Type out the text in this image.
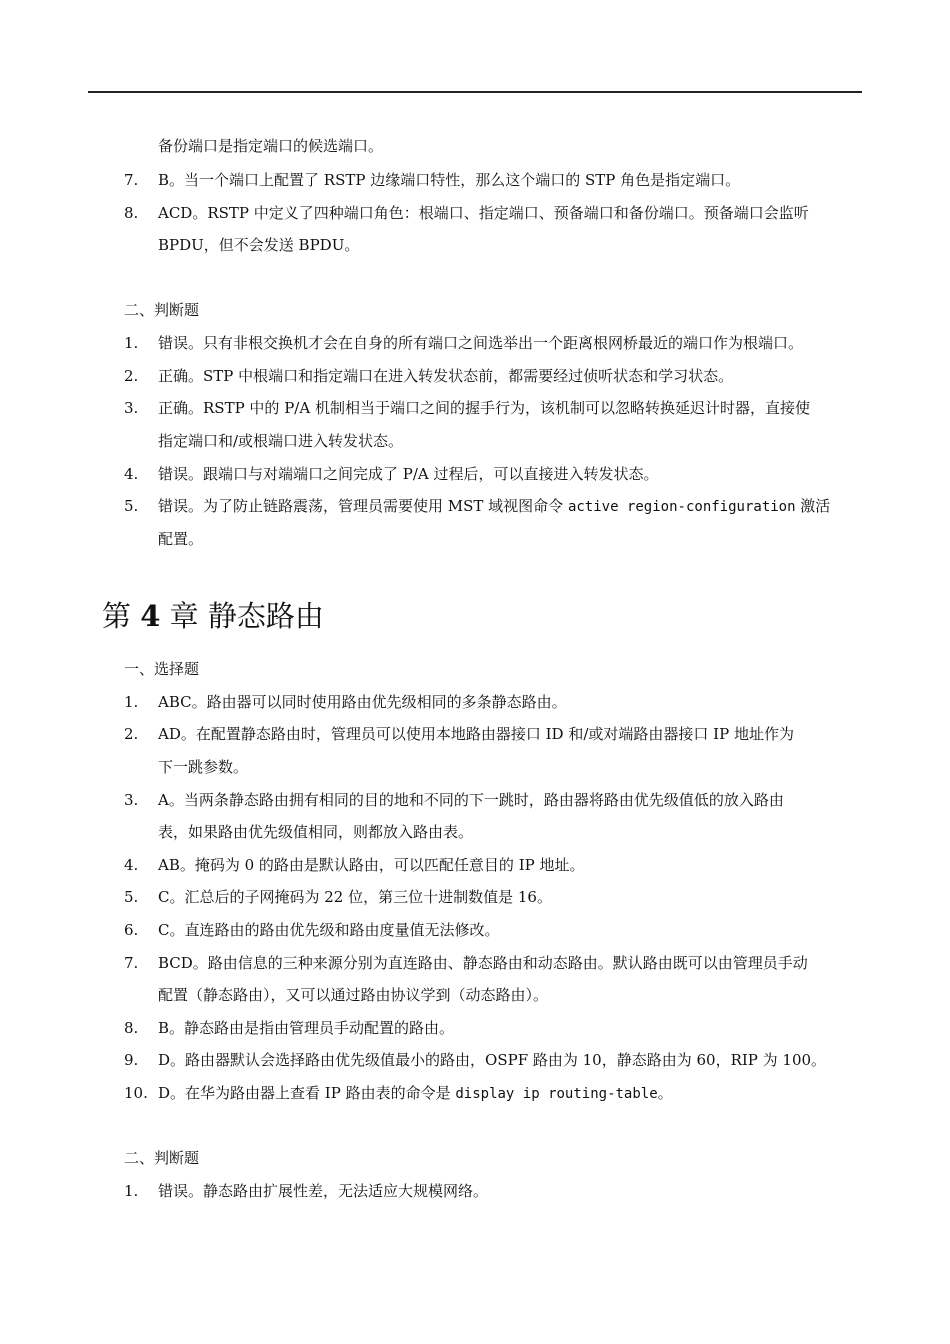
备份端口是指定端口的候选端口。
7. B。当一个端口上配置了 RSTP 边缘端口特性，那么这个端口的 STP 角色是指定端口。
8. ACD。RSTP 中定义了四种端口角色：根端口、指定端口、预备端口和备份端口。预备端口会监听
BPDU，但不会发送 BPDU。
二、判断题
1. 错误。只有非根交换机才会在自身的所有端口之间选举出一个距离根网桥最近的端口作为根端口。
2. 正确。STP 中根端口和指定端口在进入转发状态前，都需要经过侦听状态和学习状态。
3. 正确。RSTP 中的 P/A 机制相当于端口之间的握手行为，该机制可以忽略转换延迟计时器，直接使
指定端口和/或根端口进入转发状态。
4. 错误。跟端口与对端端口之间完成了 P/A 过程后，可以直接进入转发状态。
5. 错误。为了防止链路震荡，管理员需要使用 MST 域视图命令 active region-configuration 激活
配置。
第 4 章 静态路由
一、选择题
1. ABC。路由器可以同时使用路由优先级相同的多条静态路由。
2. AD。在配置静态路由时，管理员可以使用本地路由器接口 ID 和/或对端路由器接口 IP 地址作为
下一跳参数。
3. A。当两条静态路由拥有相同的目的地和不同的下一跳时，路由器将路由优先级值低的放入路由
表，如果路由优先级值相同，则都放入路由表。
4. AB。掩码为 0 的路由是默认路由，可以匹配任意目的 IP 地址。
5. C。汇总后的子网掩码为 22 位，第三位十进制数值是 16。
6. C。直连路由的路由优先级和路由度量值无法修改。
7. BCD。路由信息的三种来源分别为直连路由、静态路由和动态路由。默认路由既可以由管理员手动
配置（静态路由），又可以通过路由协议学到（动态路由）。
8. B。静态路由是指由管理员手动配置的路由。
9. D。路由器默认会选择路由优先级值最小的路由，OSPF 路由为 10，静态路由为 60，RIP 为 100。
10. D。在华为路由器上查看 IP 路由表的命令是 display ip routing-table。
二、判断题
1. 错误。静态路由扩展性差，无法适应大规模网络。
